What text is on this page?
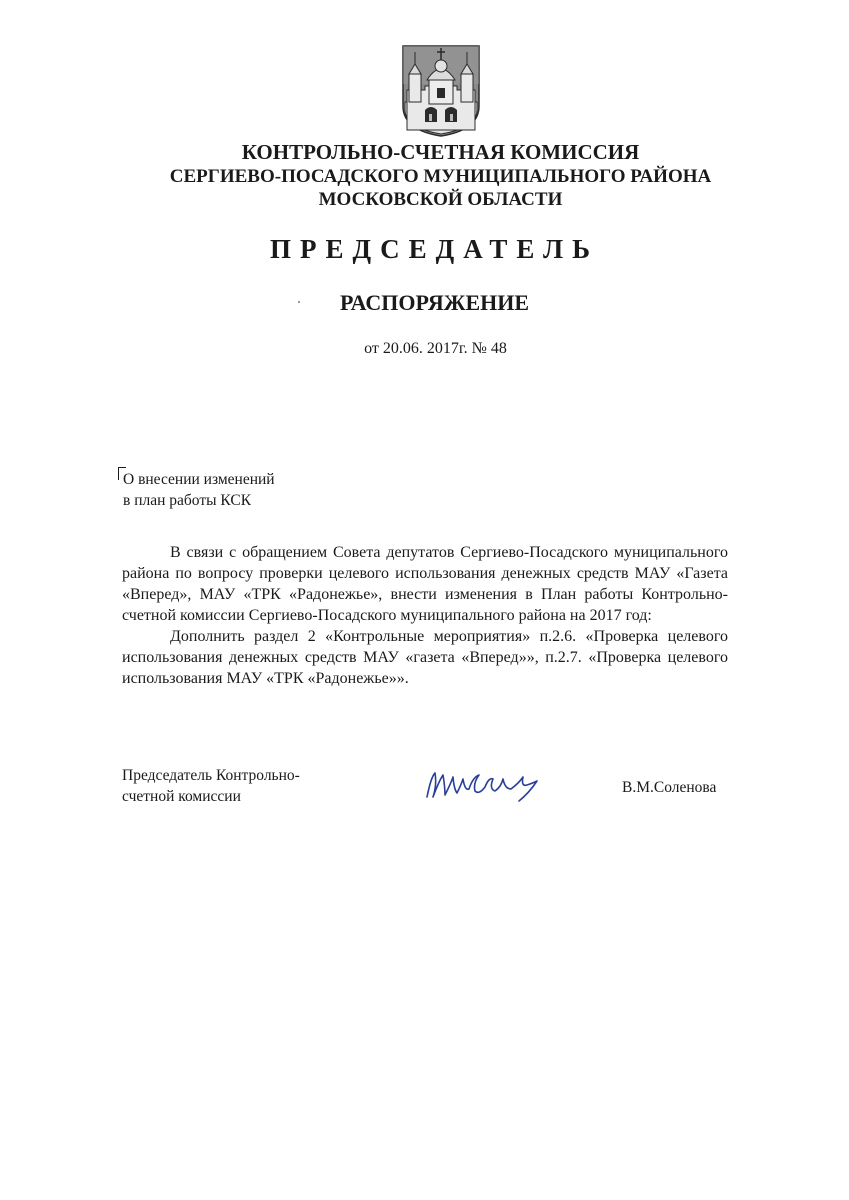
КОНТРОЛЬНО-СЧЕТНАЯ КОМИССИЯ
СЕРГИЕВО-ПОСАДСКОГО МУНИЦИПАЛЬНОГО РАЙОНА
МОСКОВСКОЙ ОБЛАСТИ
ПРЕДСЕДАТЕЛЬ
РАСПОРЯЖЕНИЕ
от 20.06. 2017г. № 48
О внесении изменений
в план работы КСК

В связи с обращением Совета депутатов Сергиево-Посадского муниципального района по вопросу проверки целевого использования денежных средств МАУ «Газета «Вперед», МАУ «ТРК «Радонежье», внести изменения в План работы Контрольно-счетной комиссии Сергиево-Посадского муниципального района на 2017 год:

Дополнить раздел 2 «Контрольные мероприятия» п.2.6. «Проверка целевого использования денежных средств МАУ «газета «Вперед»», п.2.7. «Проверка целевого использования МАУ «ТРК «Радонежье»».

Председатель Контрольно-
счетной комиссии
В.М.Соленова
